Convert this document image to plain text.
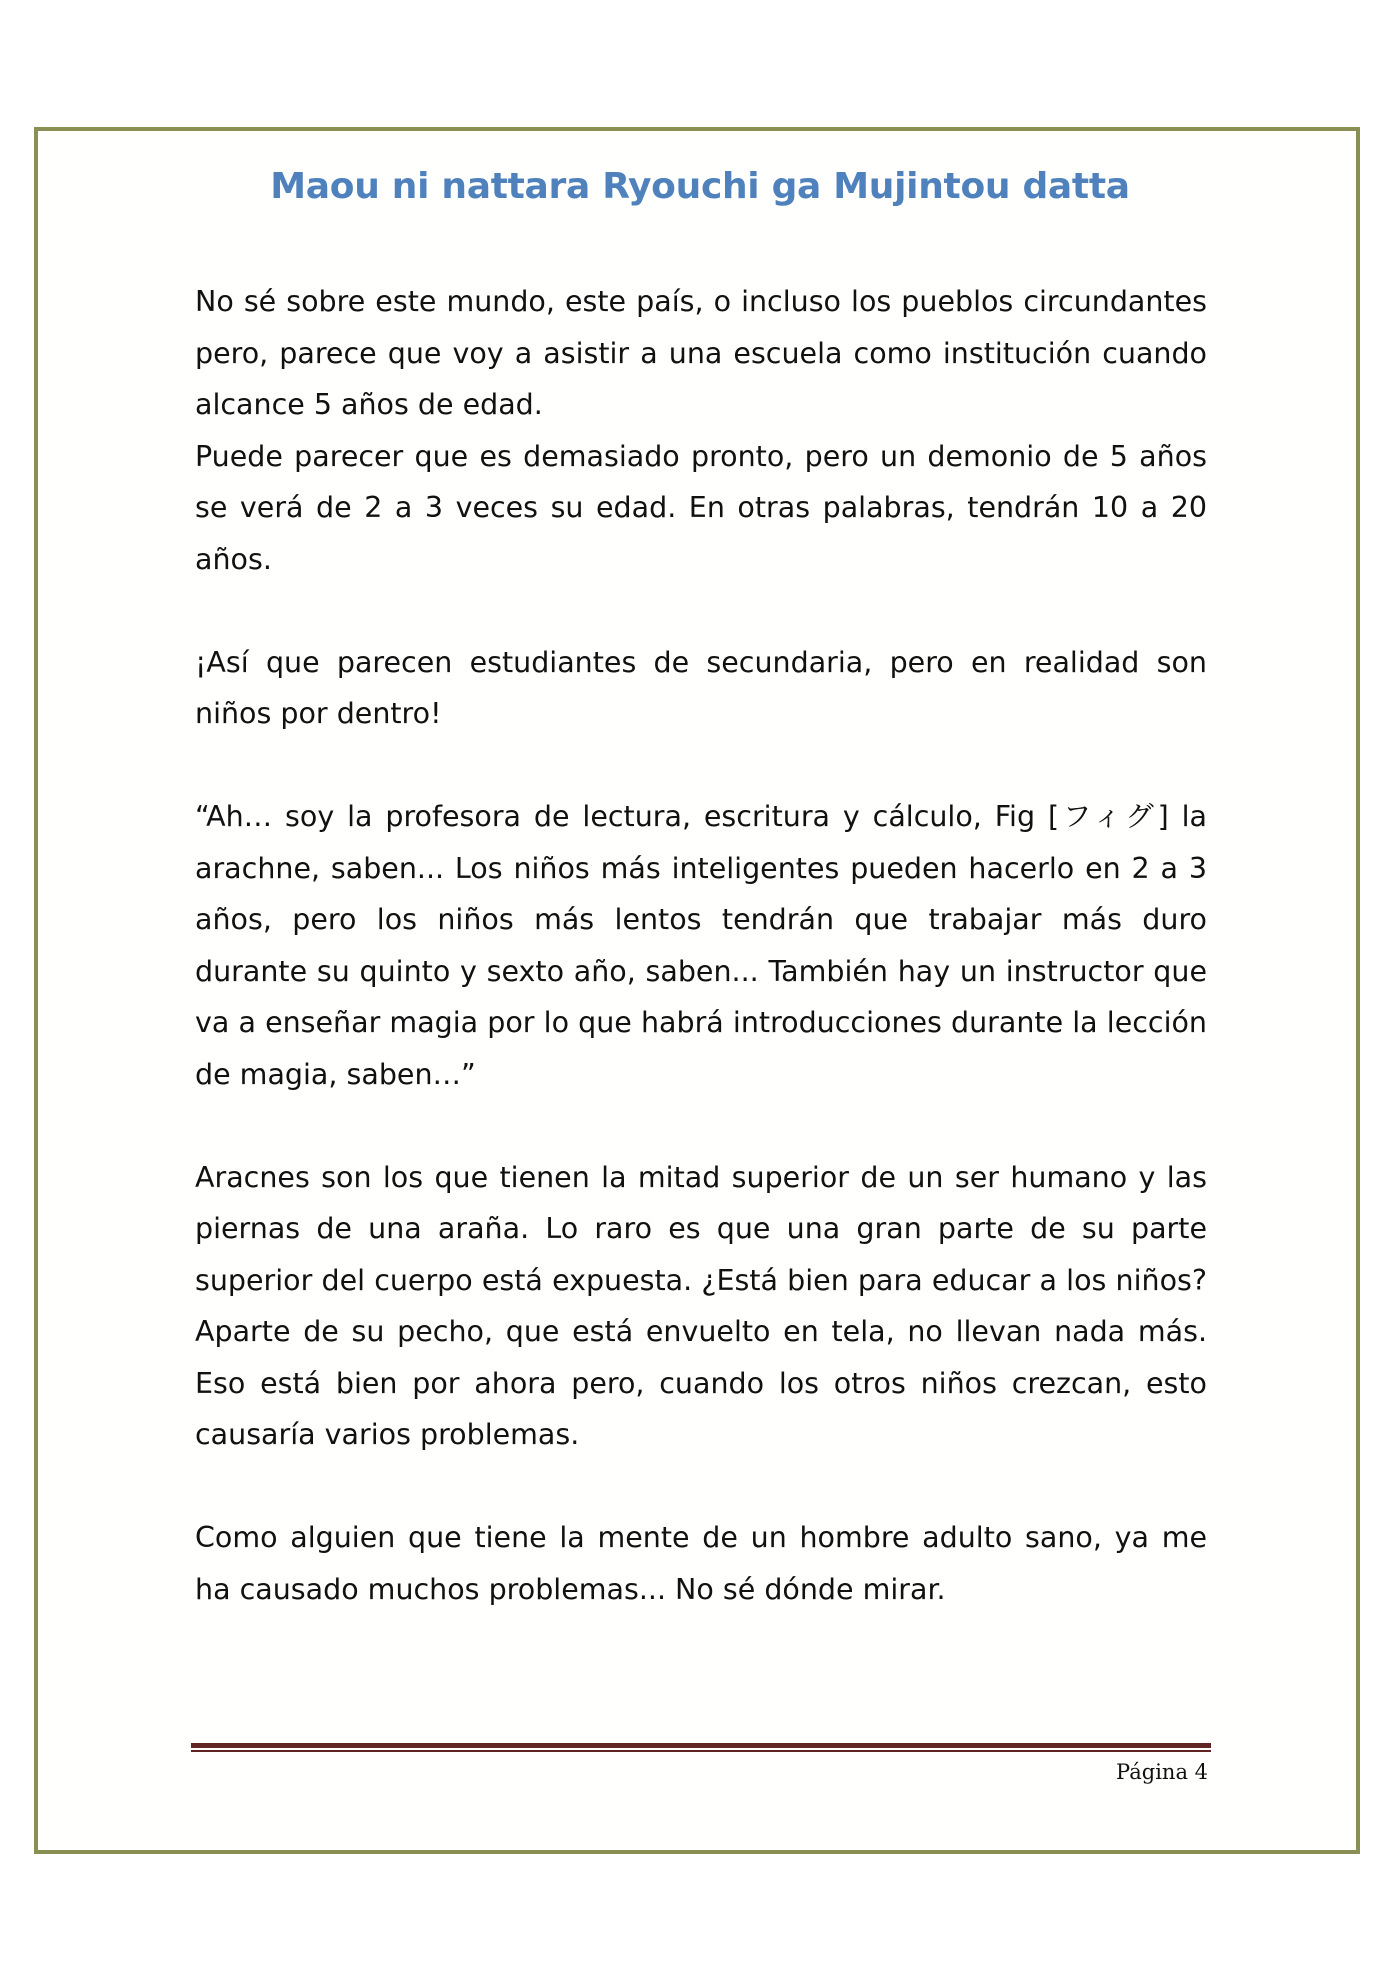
Maou ni nattara Ryouchi ga Mujintou datta

No sé sobre este mundo, este país, o incluso los pueblos circundantes pero, parece que voy a asistir a una escuela como institución cuando alcance 5 años de edad.

Puede parecer que es demasiado pronto, pero un demonio de 5 años se verá de 2 a 3 veces su edad. En otras palabras, tendrán 10 a 20 años.

¡Así que parecen estudiantes de secundaria, pero en realidad son niños por dentro!

“Ah… soy la profesora de lectura, escritura y cálculo, Fig [フィグ] la arachne, saben... Los niños más inteligentes pueden hacerlo en 2 a 3 años, pero los niños más lentos tendrán que trabajar más duro durante su quinto y sexto año, saben... También hay un instructor que va a enseñar magia por lo que habrá introducciones durante la lección de magia, saben…”

Aracnes son los que tienen la mitad superior de un ser humano y las piernas de una araña. Lo raro es que una gran parte de su parte superior del cuerpo está expuesta. ¿Está bien para educar a los niños? Aparte de su pecho, que está envuelto en tela, no llevan nada más. Eso está bien por ahora pero, cuando los otros niños crezcan, esto causaría varios problemas.

Como alguien que tiene la mente de un hombre adulto sano, ya me ha causado muchos problemas... No sé dónde mirar.

Página 4
